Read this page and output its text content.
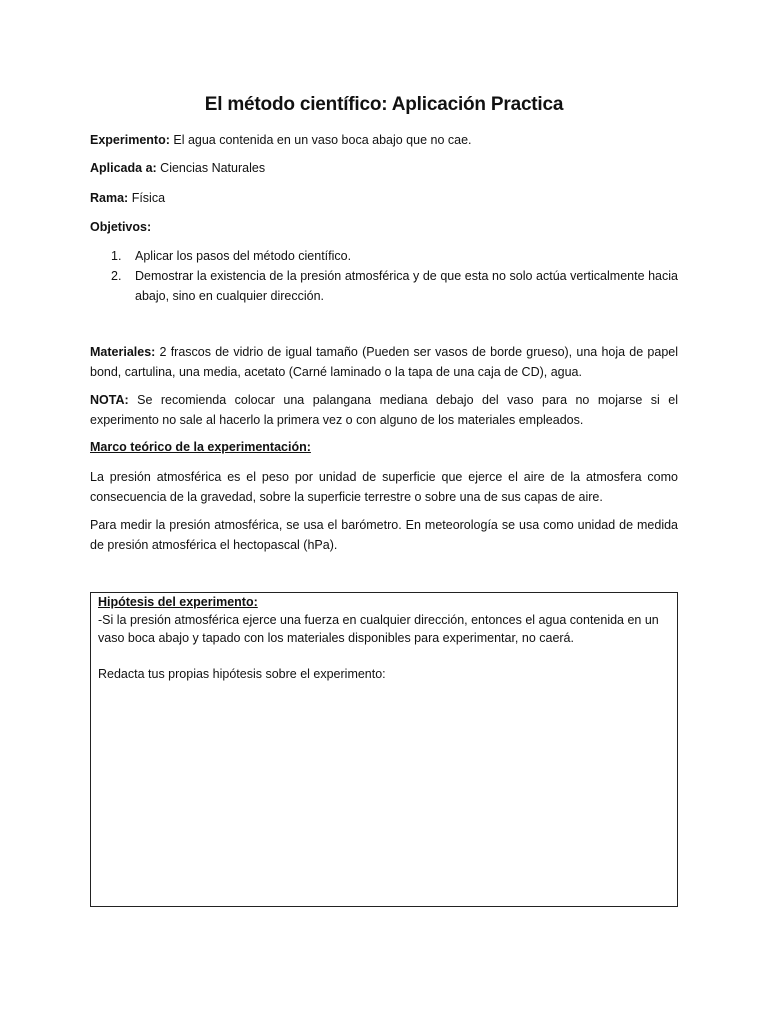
El método científico: Aplicación Practica
Experimento: El agua contenida en un vaso boca abajo que no cae.
Aplicada a: Ciencias Naturales
Rama: Física
Objetivos:
1. Aplicar los pasos del método científico.
2. Demostrar la existencia de la presión atmosférica y de que esta no solo actúa verticalmente hacia abajo, sino en cualquier dirección.
Materiales: 2 frascos de vidrio de igual tamaño (Pueden ser vasos de borde grueso), una hoja de papel bond, cartulina, una media, acetato (Carné laminado o la tapa de una caja de CD), agua.
NOTA: Se recomienda colocar una palangana mediana debajo del vaso para no mojarse si el experimento no sale al hacerlo la primera vez o con alguno de los materiales empleados.
Marco teórico de la experimentación:
La presión atmosférica es el peso por unidad de superficie que ejerce el aire de la atmosfera como consecuencia de la gravedad, sobre la superficie terrestre o sobre una de sus capas de aire.
Para medir la presión atmosférica, se usa el barómetro. En meteorología se usa como unidad de medida de presión atmosférica el hectopascal (hPa).
Hipótesis del experimento:

-Si la presión atmosférica ejerce una fuerza en cualquier dirección, entonces el agua contenida en un vaso boca abajo y tapado con los materiales disponibles para experimentar, no caerá.

Redacta tus propias hipótesis sobre el experimento:
